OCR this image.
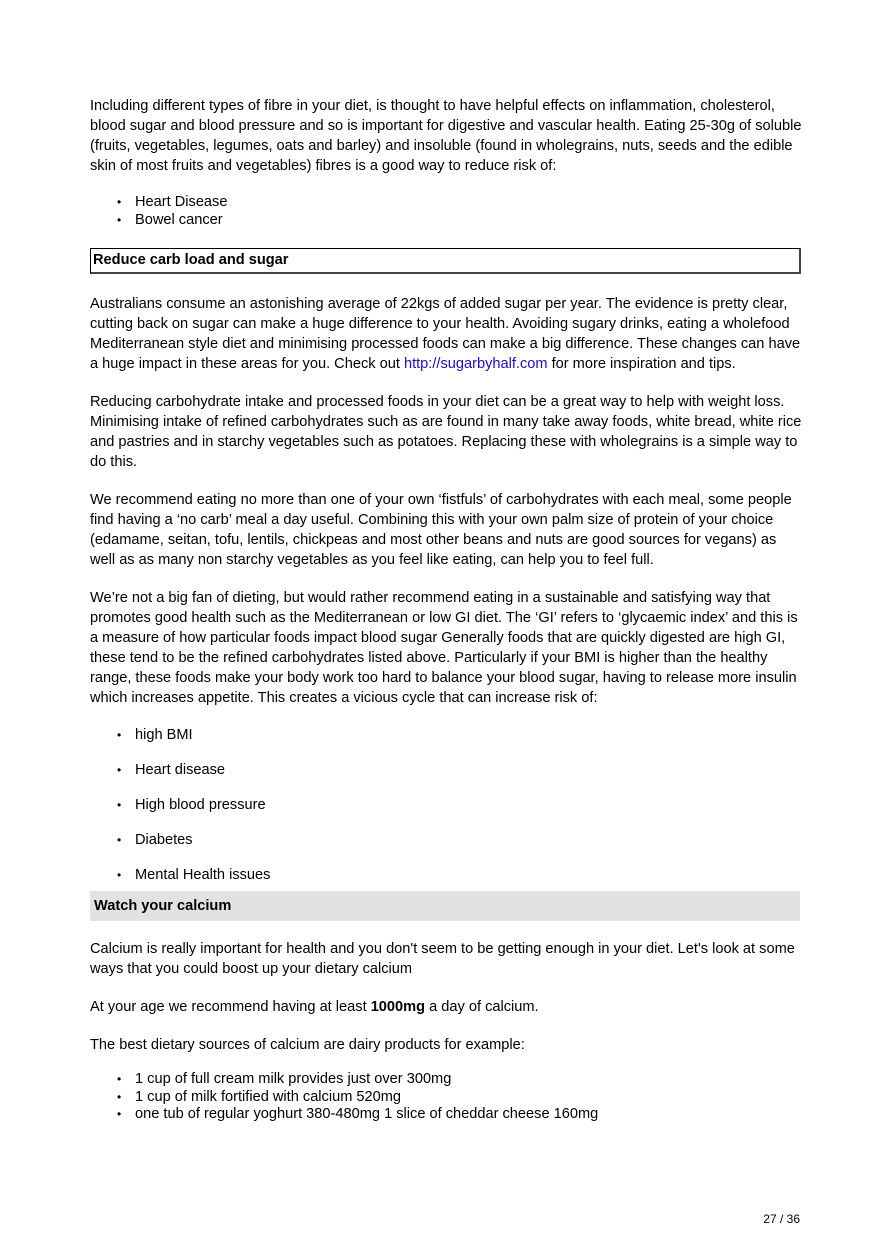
Including different types of fibre in your diet, is thought to have helpful effects on inflammation, cholesterol, blood sugar and blood pressure and so is important for digestive and vascular health. Eating 25-30g of soluble (fruits, vegetables, legumes, oats and barley) and insoluble (found in wholegrains, nuts, seeds and the edible skin of most fruits and vegetables) fibres is a good way to reduce risk of:

• Heart Disease
• Bowel cancer
Reduce carb load and sugar

Australians consume an astonishing average of 22kgs of added sugar per year. The evidence is pretty clear, cutting back on sugar can make a huge difference to your health. Avoiding sugary drinks, eating a wholefood Mediterranean style diet and minimising processed foods can make a big difference. These changes can have a huge impact in these areas for you. Check out http://sugarbyhalf.com for more inspiration and tips.

Reducing carbohydrate intake and processed foods in your diet can be a great way to help with weight loss. Minimising intake of refined carbohydrates such as are found in many take away foods, white bread, white rice and pastries and in starchy vegetables such as potatoes. Replacing these with wholegrains is a simple way to do this.

We recommend eating no more than one of your own ‘fistfuls’ of carbohydrates with each meal, some people find having a ‘no carb’ meal a day useful. Combining this with your own palm size of protein of your choice (edamame, seitan, tofu, lentils, chickpeas and most other beans and nuts are good sources for vegans) as well as as many non starchy vegetables as you feel like eating, can help you to feel full.

We’re not a big fan of dieting, but would rather recommend eating in a sustainable and satisfying way that promotes good health such as the Mediterranean or low GI diet. The ‘GI’ refers to ‘glycaemic index’ and this is a measure of how particular foods impact blood sugar Generally foods that are quickly digested are high GI, these tend to be the refined carbohydrates listed above. Particularly if your BMI is higher than the healthy range, these foods make your body work too hard to balance your blood sugar, having to release more insulin which increases appetite. This creates a vicious cycle that can increase risk of:

• high BMI
• Heart disease
• High blood pressure
• Diabetes
• Mental Health issues
Watch your calcium

Calcium is really important for health and you don't seem to be getting enough in your diet. Let's look at some ways that you could boost up your dietary calcium

At your age we recommend having at least 1000mg a day of calcium.

The best dietary sources of calcium are dairy products for example:

• 1 cup of full cream milk provides just over 300mg
• 1 cup of milk fortified with calcium 520mg
• one tub of regular yoghurt 380-480mg 1 slice of cheddar cheese 160mg
27 / 36
